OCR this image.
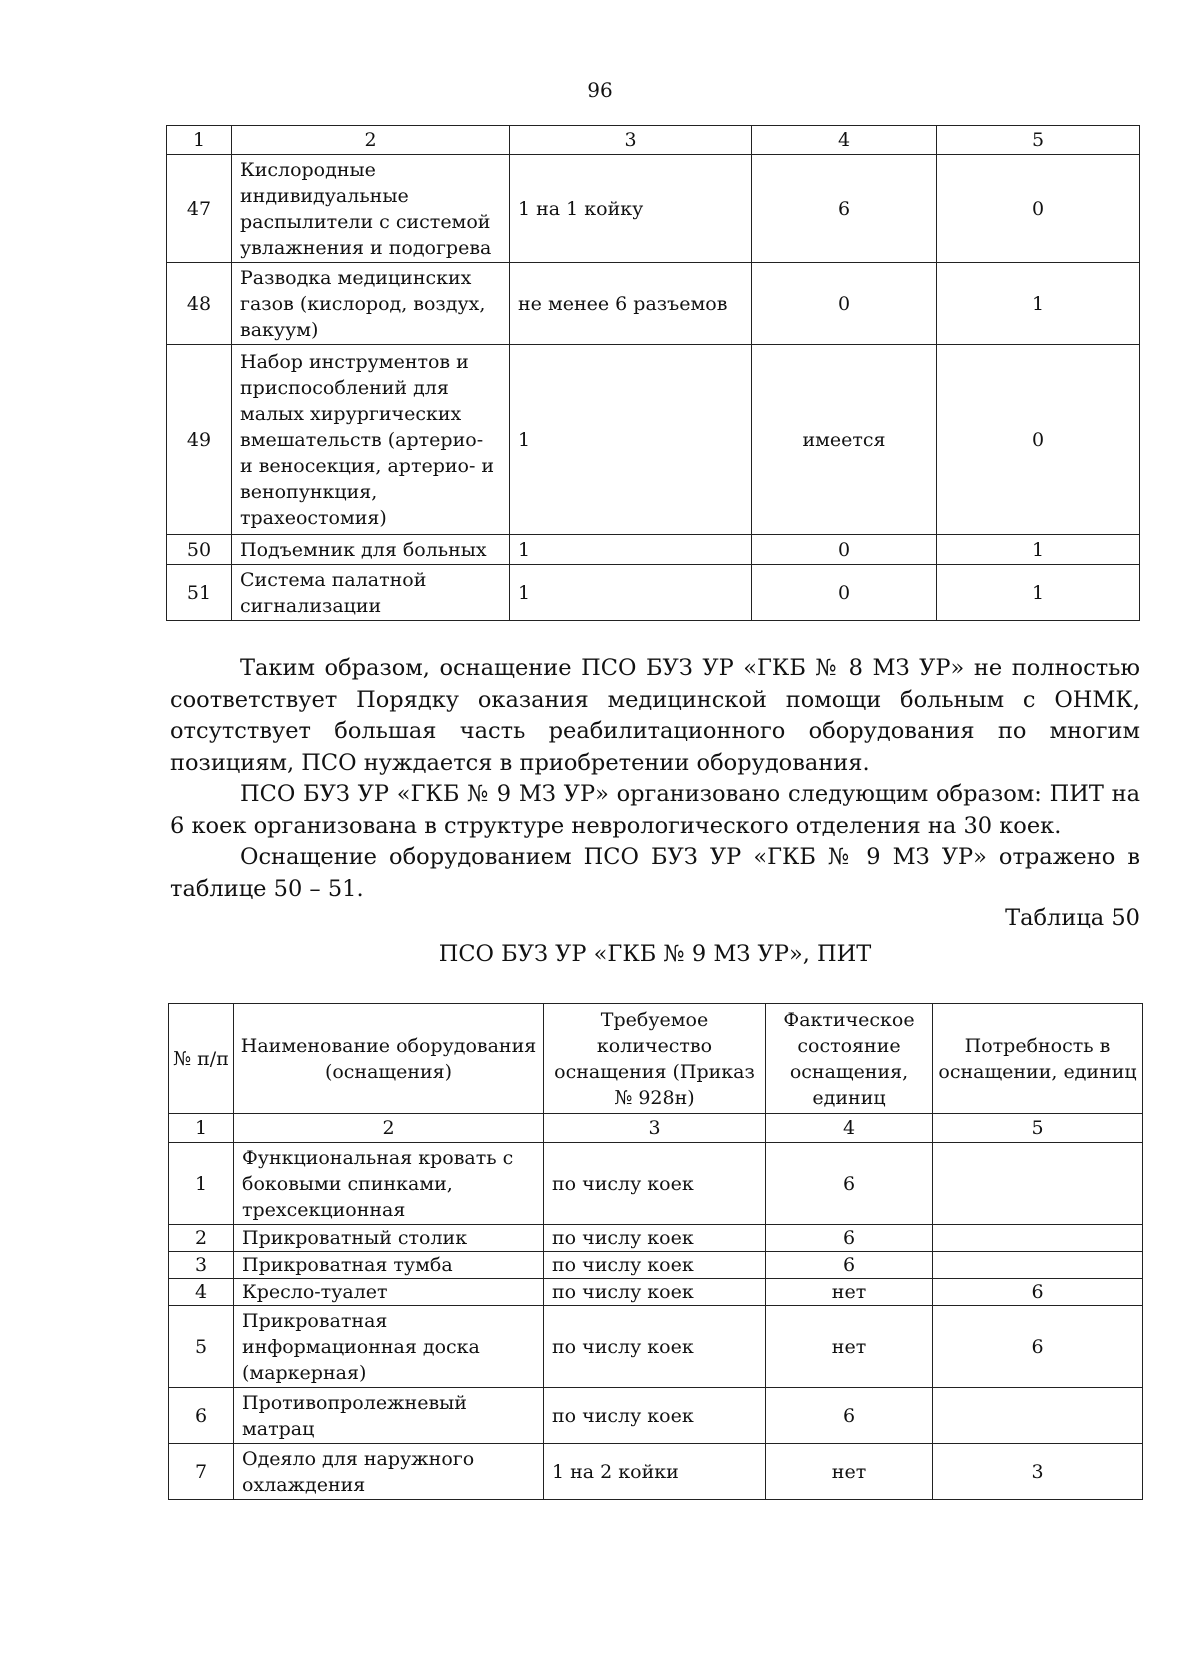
96
1	2	3	4	5
47	Кислородные индивидуальные распылители с системой увлажнения и подогрева	1 на 1 койку	6	0
48	Разводка медицинских газов (кислород, воздух, вакуум)	не менее 6 разъемов	0	1
49	Набор инструментов и приспособлений для малых хирургических вмешательств (артерио- и веносекция, артерио- и венопункция, трахеостомия)	1	имеется	0
50	Подъемник для больных	1	0	1
51	Система палатной сигнализации	1	0	1
Таким образом, оснащение ПСО БУЗ УР «ГКБ № 8 МЗ УР» не полностью соответствует Порядку оказания медицинской помощи больным с ОНМК, отсутствует большая часть реабилитационного оборудования по многим позициям, ПСО нуждается в приобретении оборудования.
ПСО БУЗ УР «ГКБ № 9 МЗ УР» организовано следующим образом: ПИТ на 6 коек организована в структуре неврологического отделения на 30 коек.
Оснащение оборудованием ПСО БУЗ УР «ГКБ № 9 МЗ УР» отражено в таблице 50 – 51.
Таблица 50
ПСО БУЗ УР «ГКБ № 9 МЗ УР», ПИТ
№ п/п	Наименование оборудования (оснащения)	Требуемое количество оснащения (Приказ № 928н)	Фактическое состояние оснащения, единиц	Потребность в оснащении, единиц
1	2	3	4	5
1	Функциональная кровать с боковыми спинками, трехсекционная	по числу коек	6	
2	Прикроватный столик	по числу коек	6	
3	Прикроватная тумба	по числу коек	6	
4	Кресло-туалет	по числу коек	нет	6
5	Прикроватная информационная доска (маркерная)	по числу коек	нет	6
6	Противопролежневый матрац	по числу коек	6	
7	Одеяло для наружного охлаждения	1 на 2 койки	нет	3
